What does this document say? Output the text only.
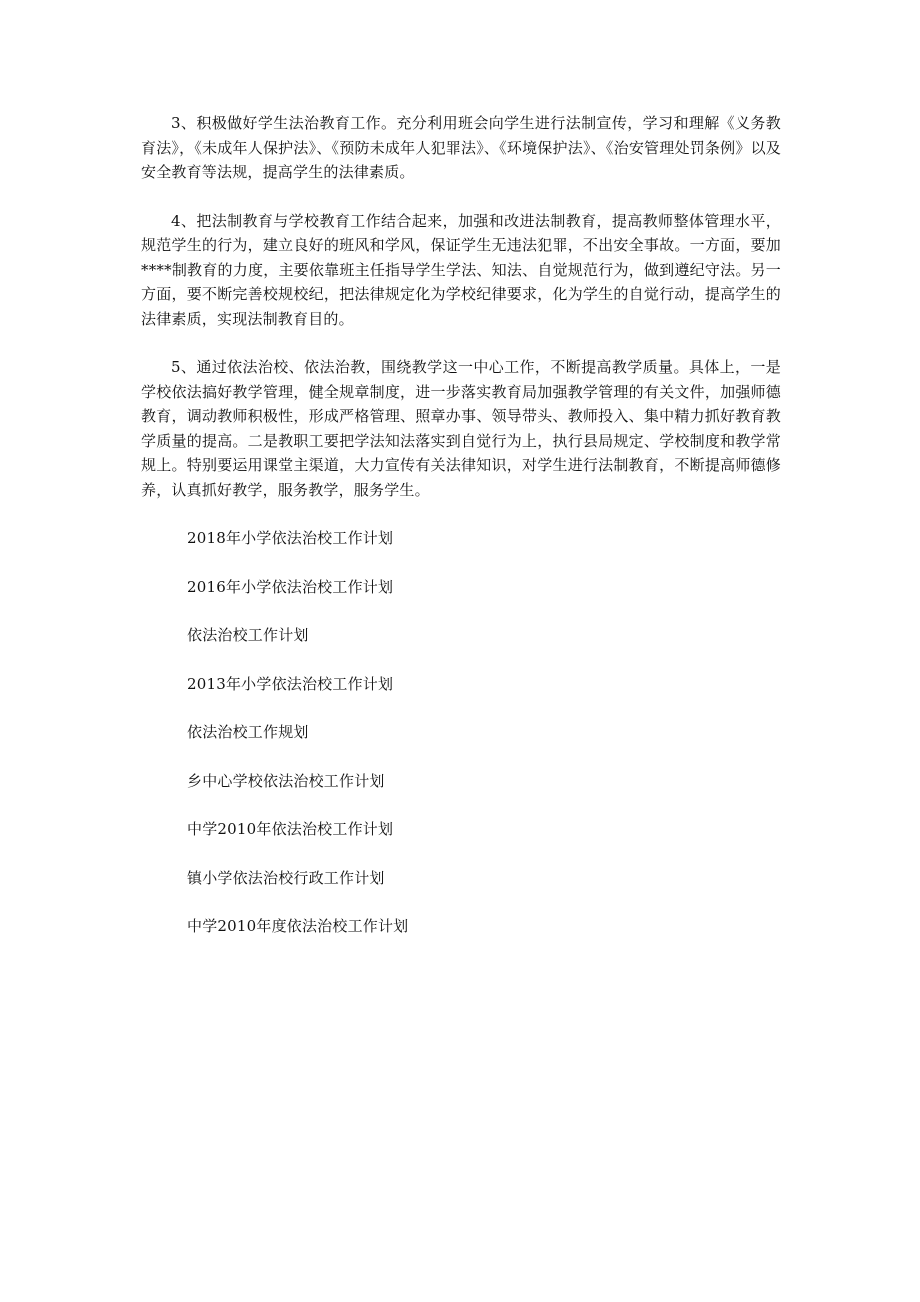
3、积极做好学生法治教育工作。充分利用班会向学生进行法制宣传，学习和理解《义务教育法》，《未成年人保护法》、《预防未成年人犯罪法》、《环境保护法》、《治安管理处罚条例》以及安全教育等法规，提高学生的法律素质。

4、把法制教育与学校教育工作结合起来，加强和改进法制教育，提高教师整体管理水平，规范学生的行为，建立良好的班风和学风，保证学生无违法犯罪，不出安全事故。一方面，要加****制教育的力度，主要依靠班主任指导学生学法、知法、自觉规范行为，做到遵纪守法。另一方面，要不断完善校规校纪，把法律规定化为学校纪律要求，化为学生的自觉行动，提高学生的法律素质，实现法制教育目的。

5、通过依法治校、依法治教，围绕教学这一中心工作，不断提高教学质量。具体上，一是学校依法搞好教学管理，健全规章制度，进一步落实教育局加强教学管理的有关文件，加强师德教育，调动教师积极性，形成严格管理、照章办事、领导带头、教师投入、集中精力抓好教育教学质量的提高。二是教职工要把学法知法落实到自觉行为上，执行县局规定、学校制度和教学常规上。特别要运用课堂主渠道，大力宣传有关法律知识，对学生进行法制教育，不断提高师德修养，认真抓好教学，服务教学，服务学生。

2018年小学依法治校工作计划
2016年小学依法治校工作计划
依法治校工作计划
2013年小学依法治校工作计划
依法治校工作规划
乡中心学校依法治校工作计划
中学2010年依法治校工作计划
镇小学依法治校行政工作计划
中学2010年度依法治校工作计划
